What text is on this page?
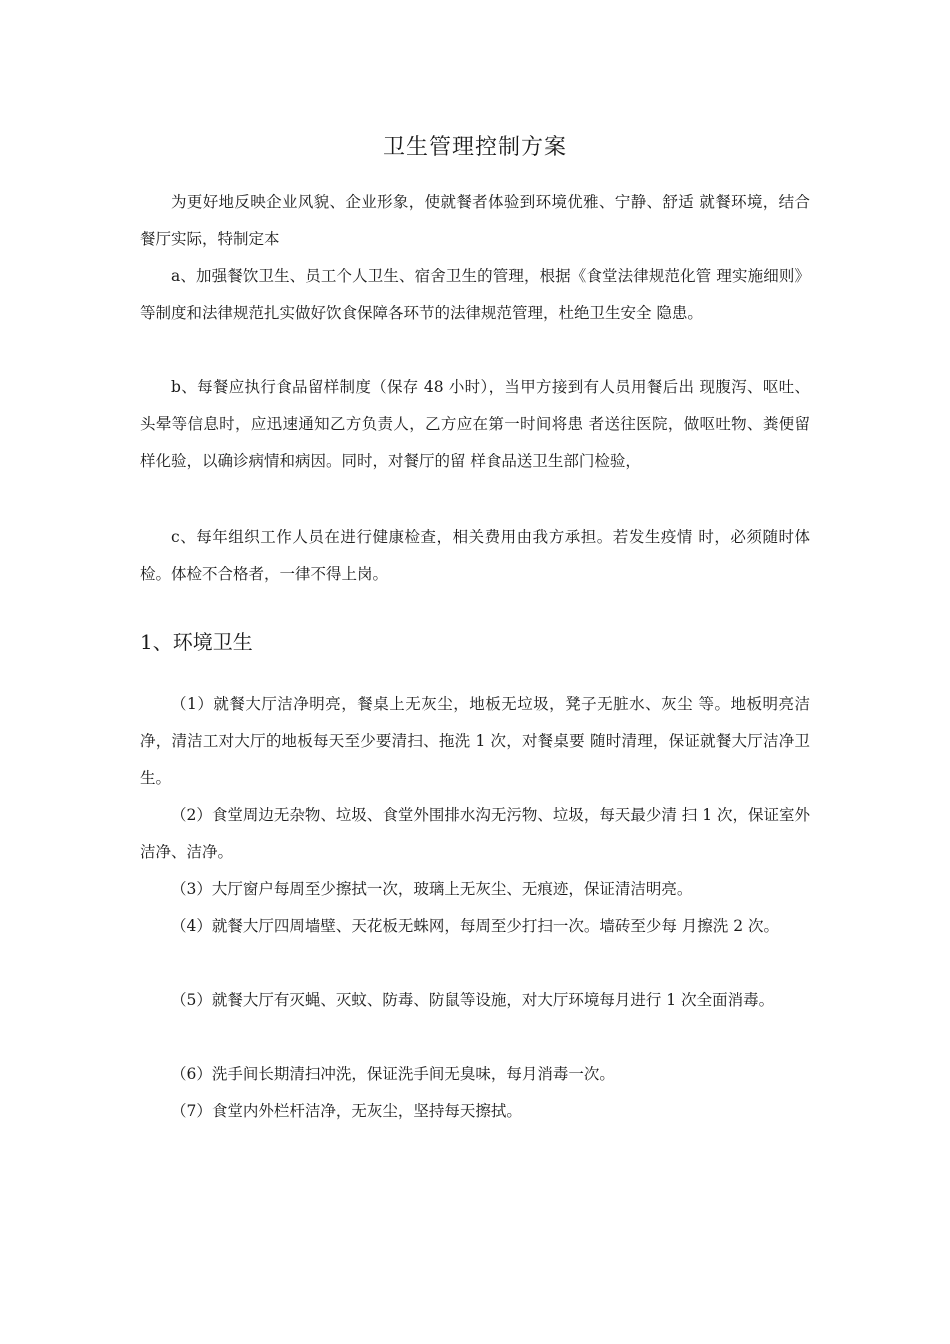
卫生管理控制方案

为更好地反映企业风貌、企业形象，使就餐者体验到环境优雅、宁静、舒适 就餐环境，结合餐厅实际，特制定本

a、加强餐饮卫生、员工个人卫生、宿舍卫生的管理，根据《食堂法律规范化管 理实施细则》等制度和法律规范扎实做好饮食保障各环节的法律规范管理，杜绝卫生安全 隐患。

b、每餐应执行食品留样制度（保存 48 小时），当甲方接到有人员用餐后出 现腹泻、呕吐、头晕等信息时，应迅速通知乙方负责人，乙方应在第一时间将患 者送往医院，做呕吐物、粪便留样化验，以确诊病情和病因。同时，对餐厅的留 样食品送卫生部门检验，

c、每年组织工作人员在进行健康检查，相关费用由我方承担。若发生疫情 时，必须随时体检。体检不合格者，一律不得上岗。

1、环境卫生

（1）就餐大厅洁净明亮，餐桌上无灰尘，地板无垃圾，凳子无脏水、灰尘 等。地板明亮洁净，清洁工对大厅的地板每天至少要清扫、拖洗 1 次，对餐桌要 随时清理，保证就餐大厅洁净卫生。

（2）食堂周边无杂物、垃圾、食堂外围排水沟无污物、垃圾，每天最少清 扫 1 次，保证室外洁净、洁净。

（3）大厅窗户每周至少擦拭一次，玻璃上无灰尘、无痕迹，保证清洁明亮。

（4）就餐大厅四周墙壁、天花板无蛛网，每周至少打扫一次。墙砖至少每 月擦洗 2 次。

（5）就餐大厅有灭蝇、灭蚊、防毒、防鼠等设施，对大厅环境每月进行 1 次全面消毒。

（6）洗手间长期清扫冲洗，保证洗手间无臭味，每月消毒一次。

（7）食堂内外栏杆洁净，无灰尘，坚持每天擦拭。
